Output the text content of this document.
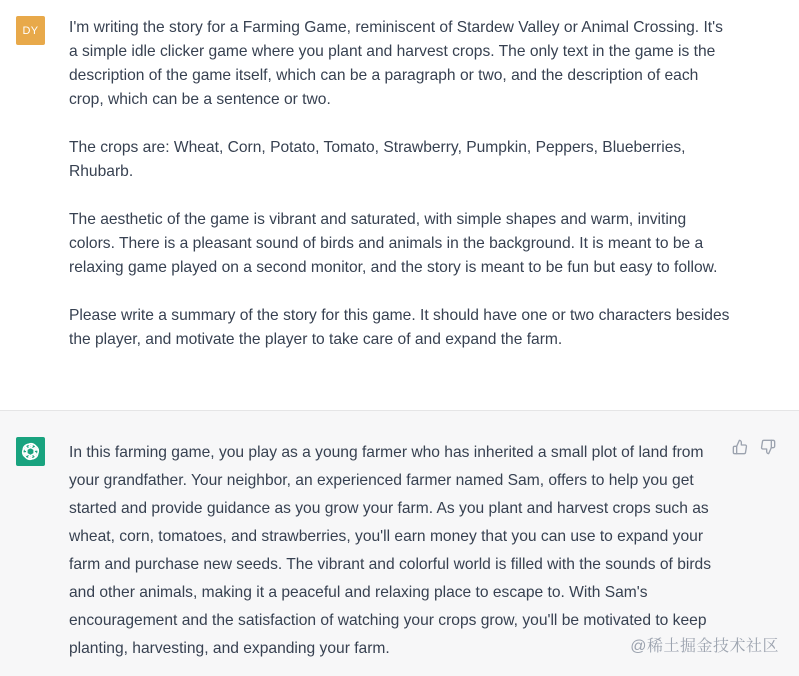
DY I'm writing the story for a Farming Game, reminiscent of Stardew Valley or Animal Crossing. It's a simple idle clicker game where you plant and harvest crops. The only text in the game is the description of the game itself, which can be a paragraph or two, and the description of each crop, which can be a sentence or two.

The crops are: Wheat, Corn, Potato, Tomato, Strawberry, Pumpkin, Peppers, Blueberries, Rhubarb.

The aesthetic of the game is vibrant and saturated, with simple shapes and warm, inviting colors. There is a pleasant sound of birds and animals in the background. It is meant to be a relaxing game played on a second monitor, and the story is meant to be fun but easy to follow.

Please write a summary of the story for this game. It should have one or two characters besides the player, and motivate the player to take care of and expand the farm.

In this farming game, you play as a young farmer who has inherited a small plot of land from your grandfather. Your neighbor, an experienced farmer named Sam, offers to help you get started and provide guidance as you grow your farm. As you plant and harvest crops such as wheat, corn, tomatoes, and strawberries, you'll earn money that you can use to expand your farm and purchase new seeds. The vibrant and colorful world is filled with the sounds of birds and other animals, making it a peaceful and relaxing place to escape to. With Sam's encouragement and the satisfaction of watching your crops grow, you'll be motivated to keep planting, harvesting, and expanding your farm.	@稀土掘金技术社区
